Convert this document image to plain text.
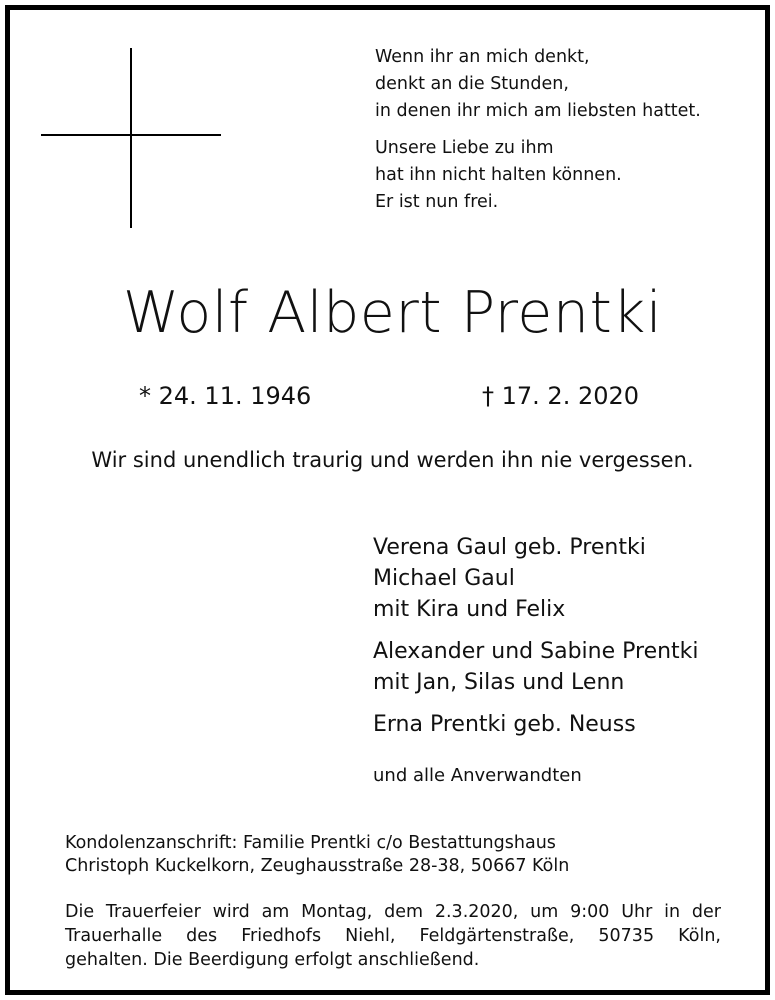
Wenn ihr an mich denkt,
denkt an die Stunden,
in denen ihr mich am liebsten hattet.
Unsere Liebe zu ihm
hat ihn nicht halten können.
Er ist nun frei.
Wolf Albert Prentki
* 24. 11. 1946	† 17. 2. 2020
Wir sind unendlich traurig und werden ihn nie vergessen.
Verena Gaul geb. Prentki
Michael Gaul
mit Kira und Felix
Alexander und Sabine Prentki
mit Jan, Silas und Lenn
Erna Prentki geb. Neuss
und alle Anverwandten
Kondolenzanschrift: Familie Prentki c/o Bestattungshaus
Christoph Kuckelkorn, Zeughausstraße 28-38, 50667 Köln
Die Trauerfeier wird am Montag, dem 2.3.2020, um 9:00 Uhr in der
Trauerhalle des Friedhofs Niehl, Feldgärtenstraße, 50735 Köln,
gehalten. Die Beerdigung erfolgt anschließend.
